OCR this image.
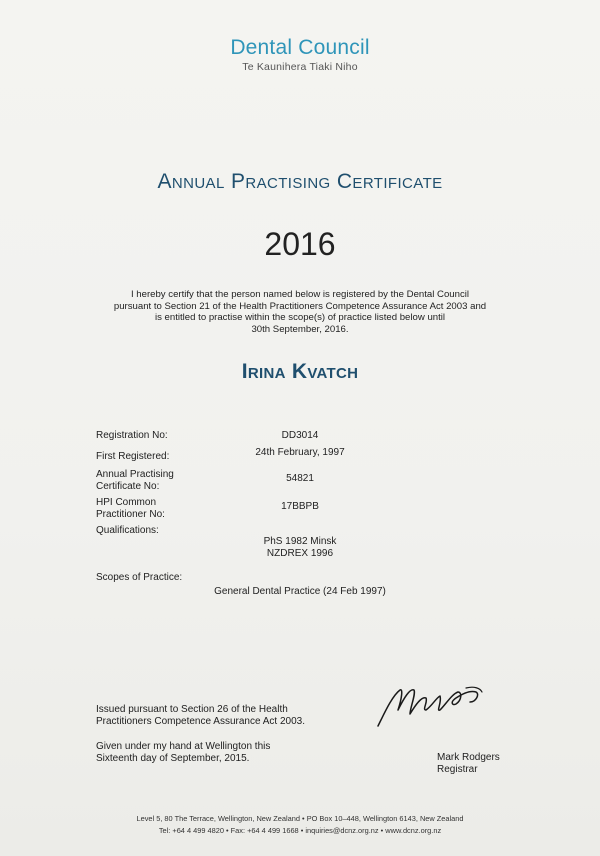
Dental Council
Te Kaunihera Tiaki Niho
Annual Practising Certificate
2016
I hereby certify that the person named below is registered by the Dental Council
pursuant to Section 21 of the Health Practitioners Competence Assurance Act 2003 and
is entitled to practise within the scope(s) of practice listed below until
30th September, 2016.
Irina Kvatch
Registration No:	DD3014
First Registered:	24th February, 1997
Annual Practising
Certificate No:
54821
HPI Common
Practitioner No:
17BBPB
Qualifications:
PhS 1982 Minsk
NZDREX 1996
Scopes of Practice:
General Dental Practice (24 Feb 1997)
Issued pursuant to Section 26 of the Health
Practitioners Competence Assurance Act 2003.
Given under my hand at Wellington this
Sixteenth day of September, 2015.	Mark Rodgers
Registrar
Level 5, 80 The Terrace, Wellington, New Zealand • PO Box 10–448, Wellington 6143, New Zealand
Tel: +64 4 499 4820 • Fax: +64 4 499 1668 • inquiries@dcnz.org.nz • www.dcnz.org.nz
